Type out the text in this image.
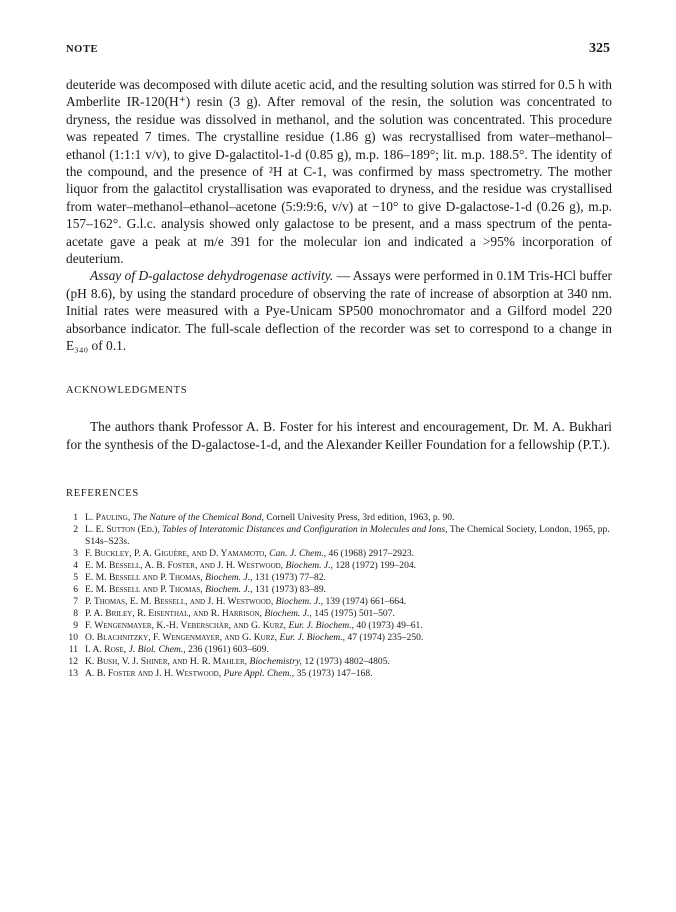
NOTE	325

deuteride was decomposed with dilute acetic acid, and the resulting solution was stirred for 0.5 h with Amberlite IR-120(H⁺) resin (3 g). After removal of the resin, the solution was concentrated to dryness, the residue was dissolved in methanol, and the solution was concentrated. This procedure was repeated 7 times. The crystalline residue (1.86 g) was recrystallised from water–methanol–ethanol (1:1:1 v/v), to give D-galactitol-1-d (0.85 g), m.p. 186–189°; lit. m.p. 188.5°. The identity of the compound, and the presence of ²H at C-1, was confirmed by mass spectrometry. The mother liquor from the galactitol crystallisation was evaporated to dryness, and the residue was crystallised from water–methanol–ethanol–acetone (5:9:9:6, v/v) at −10° to give D-galactose-1-d (0.26 g), m.p. 157–162°. G.l.c. analysis showed only galactose to be present, and a mass spectrum of the penta-acetate gave a peak at m/e 391 for the molecular ion and indicated a >95% incorporation of deuterium.

Assay of D-galactose dehydrogenase activity. — Assays were performed in 0.1M Tris-HCl buffer (pH 8.6), by using the standard procedure of observing the rate of increase of absorption at 340 nm. Initial rates were measured with a Pye-Unicam SP500 monochromator and a Gilford model 220 absorbance indicator. The full-scale deflection of the recorder was set to correspond to a change in E₃₄₀ of 0.1.

ACKNOWLEDGMENTS

The authors thank Professor A. B. Foster for his interest and encouragement, Dr. M. A. Bukhari for the synthesis of the D-galactose-1-d, and the Alexander Keiller Foundation for a fellowship (P.T.).

REFERENCES
1 L. Pauling, The Nature of the Chemical Bond, Cornell Univesity Press, 3rd edition, 1963, p. 90.
2 L. E. Sutton (Ed.), Tables of Interatomic Distances and Configuration in Molecules and Ions, The Chemical Society, London, 1965, pp. S14s–S23s.
3 F. Buckley, P. A. Giguère, and D. Yamamoto, Can. J. Chem., 46 (1968) 2917–2923.
4 E. M. Bessell, A. B. Foster, and J. H. Westwood, Biochem. J., 128 (1972) 199–204.
5 E. M. Bessell and P. Thomas, Biochem. J., 131 (1973) 77–82.
6 E. M. Bessell and P. Thomas, Biochem. J., 131 (1973) 83–89.
7 P. Thomas, E. M. Bessell, and J. H. Westwood, Biochem. J., 139 (1974) 661–664.
8 P. A. Briley, R. Eisenthal, and R. Harrison, Biochem. J., 145 (1975) 501–507.
9 F. Wengenmayer, K.-H. Veberschär, and G. Kurz, Eur. J. Biochem., 40 (1973) 49–61.
10 O. Blachnitzky, F. Wengenmayer, and G. Kurz, Eur. J. Biochem., 47 (1974) 235–250.
11 I. A. Rose, J. Biol. Chem., 236 (1961) 603–609.
12 K. Bush, V. J. Shiner, and H. R. Mahler, Biochemistry, 12 (1973) 4802–4805.
13 A. B. Foster and J. H. Westwood, Pure Appl. Chem., 35 (1973) 147–168.
